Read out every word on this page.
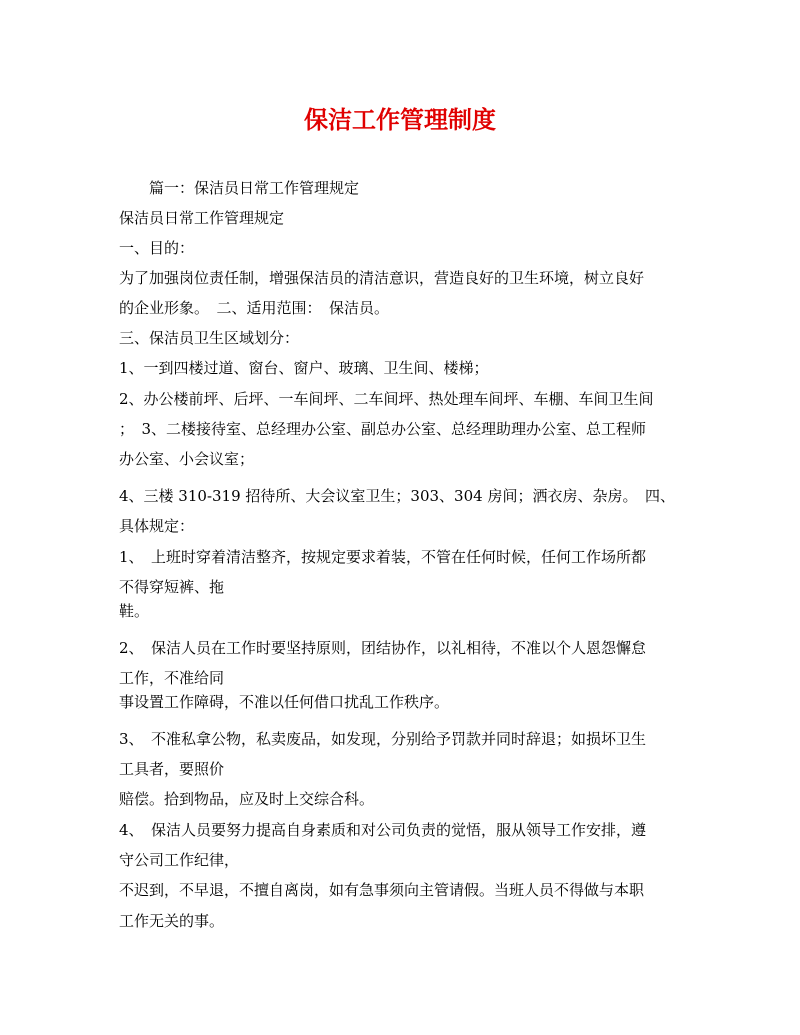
保洁工作管理制度
篇一：保洁员日常工作管理规定
保洁员日常工作管理规定
一、目的：
为了加强岗位责任制，增强保洁员的清洁意识，营造良好的卫生环境，树立良好
的企业形象。　二、适用范围：　保洁员。
三、保洁员卫生区域划分：
1、一到四楼过道、窗台、窗户、玻璃、卫生间、楼梯；
2、办公楼前坪、后坪、一车间坪、二车间坪、热处理车间坪、车棚、车间卫生间
；　3、二楼接待室、总经理办公室、副总办公室、总经理助理办公室、总工程师
办公室、小会议室；
4、三楼 310-319 招待所、大会议室卫生；303、304 房间；洒衣房、杂房。　四、
具体规定：
1、　上班时穿着清洁整齐，按规定要求着装，不管在任何时候，任何工作场所都
不得穿短裤、拖
鞋。
2、　保洁人员在工作时要坚持原则，团结协作，以礼相待，不准以个人恩怨懈怠
工作，不准给同
事设置工作障碍，不准以任何借口扰乱工作秩序。
3、　不准私拿公物，私卖废品，如发现，分别给予罚款并同时辞退；如损坏卫生
工具者，要照价
赔偿。拾到物品，应及时上交综合科。
4、　保洁人员要努力提高自身素质和对公司负责的觉悟，服从领导工作安排，遵
守公司工作纪律，
不迟到，不早退，不擅自离岗，如有急事须向主管请假。当班人员不得做与本职
工作无关的事。
